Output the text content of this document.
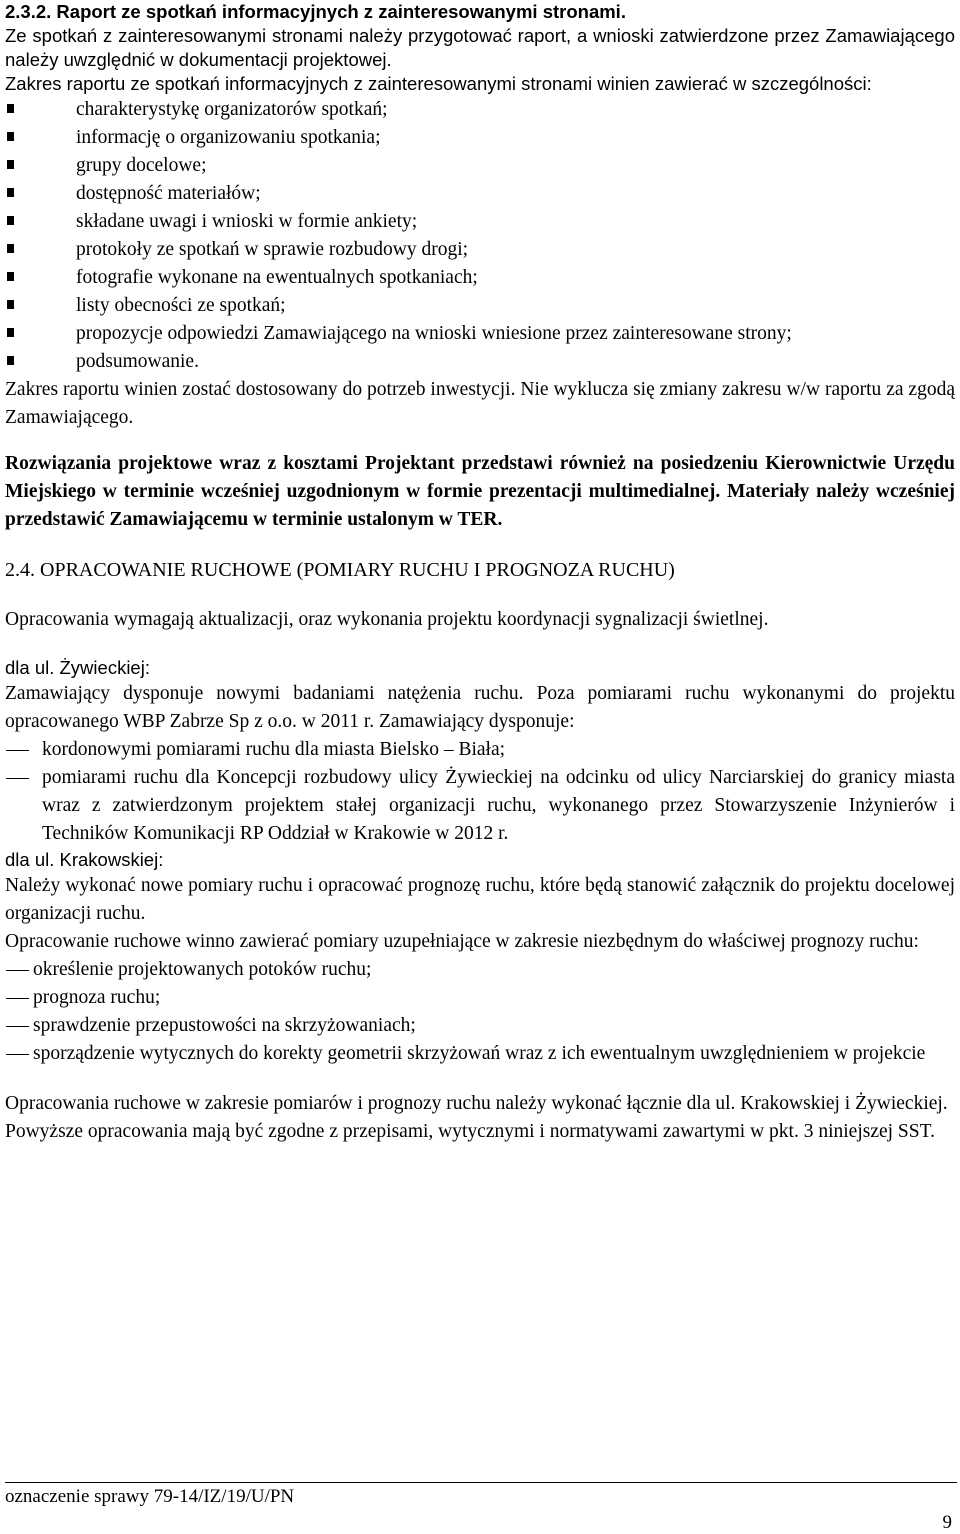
2.3.2. Raport ze spotkań informacyjnych z zainteresowanymi stronami.

Ze spotkań z zainteresowanymi stronami należy przygotować raport, a wnioski zatwierdzone przez Zamawiającego należy uwzględnić w dokumentacji projektowej.

Zakres raportu ze spotkań informacyjnych z zainteresowanymi stronami winien zawierać w szczególności:

charakterystykę organizatorów spotkań;
informację o organizowaniu spotkania;
grupy docelowe;
dostępność materiałów;
składane uwagi i wnioski w formie ankiety;
protokoły ze spotkań w sprawie rozbudowy drogi;
fotografie wykonane na ewentualnych spotkaniach;
listy obecności ze spotkań;
propozycje odpowiedzi Zamawiającego na wnioski wniesione przez zainteresowane strony;
podsumowanie.

Zakres raportu winien zostać dostosowany do potrzeb inwestycji. Nie wyklucza się zmiany zakresu w/w raportu za zgodą Zamawiającego.

Rozwiązania projektowe wraz z kosztami Projektant przedstawi również na posiedzeniu Kierownictwie Urzędu Miejskiego w terminie wcześniej uzgodnionym w formie prezentacji multimedialnej. Materiały należy wcześniej przedstawić Zamawiającemu w terminie ustalonym w TER.

2.4. OPRACOWANIE RUCHOWE (POMIARY RUCHU I PROGNOZA RUCHU)

Opracowania wymagają aktualizacji, oraz wykonania projektu koordynacji sygnalizacji świetlnej.

dla ul. Żywieckiej:

Zamawiający dysponuje nowymi badaniami natężenia ruchu. Poza pomiarami ruchu wykonanymi do projektu opracowanego WBP Zabrze Sp z o.o. w 2011 r. Zamawiający dysponuje:

kordonowymi pomiarami ruchu dla miasta Bielsko – Biała;
pomiarami ruchu dla Koncepcji rozbudowy ulicy Żywieckiej na odcinku od ulicy Narciarskiej do granicy miasta wraz z zatwierdzonym projektem stałej organizacji ruchu, wykonanego przez Stowarzyszenie Inżynierów i Techników Komunikacji RP Oddział w Krakowie w 2012 r.
dla ul. Krakowskiej:

Należy wykonać nowe pomiary ruchu i opracować prognozę ruchu, które będą stanowić załącznik do projektu docelowej organizacji ruchu.

Opracowanie ruchowe winno zawierać pomiary uzupełniające w zakresie niezbędnym do właściwej prognozy ruchu:

określenie projektowanych potoków ruchu;
prognoza ruchu;
sprawdzenie przepustowości na skrzyżowaniach;
sporządzenie wytycznych do korekty geometrii skrzyżowań wraz z ich ewentualnym uwzględnieniem w projekcie

Opracowania ruchowe w zakresie pomiarów i prognozy ruchu należy wykonać łącznie dla ul. Krakowskiej i Żywieckiej.

Powyższe opracowania mają być zgodne z przepisami, wytycznymi i normatywami zawartymi w pkt. 3 niniejszej SST.

oznaczenie sprawy 79-14/IZ/19/U/PN
9
